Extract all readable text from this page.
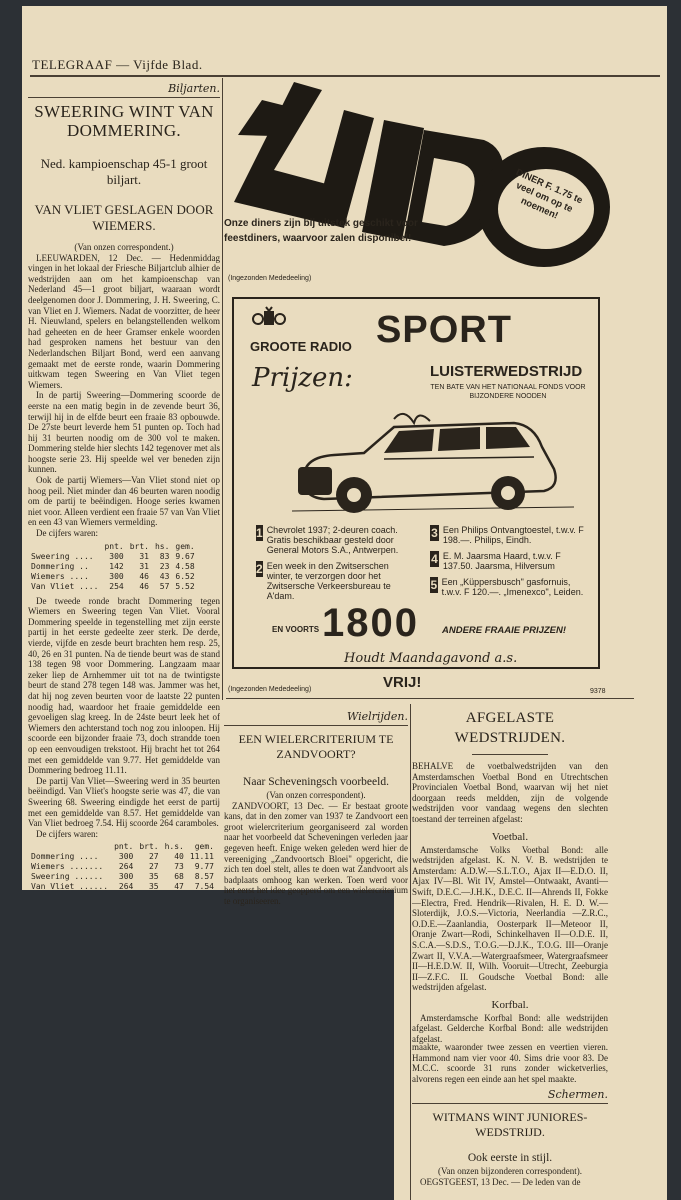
TELEGRAAF — Vijfde Blad.
Biljarten.
SWEERING WINT VAN DOMMERING.
Ned. kampioenschap 45-1 groot biljart.
VAN VLIET GESLAGEN DOOR WIEMERS.
(Van onzen correspondent.)
LEEUWARDEN, 12 Dec. — Hedenmiddag vingen in het lokaal der Friesche Biljartclub alhier de wedstrijden aan om het kampioenschap van Nederland 45—1 groot biljart, waaraan wordt deelgenomen door J. Dommering, J. H. Sweering, C. van Vliet en J. Wiemers. Nadat de voorzitter, de heer H. Nieuwland, spelers en belangstellenden welkom had geheeten en de heer Gramser enkele woorden had gesproken namens het bestuur van den Nederlandschen Biljart Bond, werd een aanvang gemaakt met de eerste ronde, waarin Dommering uitkwam tegen Sweering en Van Vliet tegen Wiemers.
In de partij Sweering—Dommering scoorde de eerste na een matig begin in de zevende beurt 36, terwijl hij in de elfde beurt een fraaie 83 opbouwde. De 27ste beurt leverde hem 51 punten op. Toch had hij 31 beurten noodig om de 300 vol te maken. Dommering stelde hier slechts 142 tegenover met als hoogste serie 23. Hij speelde wel ver beneden zijn kunnen.
Ook de partij Wiemers—Van Vliet stond niet op hoog peil. Niet minder dan 46 beurten waren noodig om de partij te beëindigen. Hooge series kwamen niet voor. Alleen verdient een fraaie 57 van Van Vliet en een 43 van Wiemers vermelding.
De cijfers waren:
	pnt.	brt.	hs.	gem.
Sweering ....	300	31	83	9.67
Dommering ..	142	31	23	4.58
Wiemers ....	300	46	43	6.52
Van Vliet ....	254	46	57	5.52
De tweede ronde bracht Dommering tegen Wiemers en Sweering tegen Van Vliet. Vooral Dommering speelde in tegenstelling met zijn eerste partij in het eerste gedeelte zeer sterk. De derde, vierde, vijfde en zesde beurt brachten hem resp. 25, 40, 26 en 31 punten. Na de tiende beurt was de stand 138 tegen 98 voor Dommering. Langzaam maar zeker liep de Arnhemmer uit tot na de twintigste beurt de stand 278 tegen 148 was. Jammer was het, dat hij nog zeven beurten voor de laatste 22 punten noodig had, waardoor het fraaie gemiddelde een gevoeligen slag kreeg. In de 24ste beurt leek het of Wiemers den achterstand toch nog zou inloopen. Hij scoorde een bijzonder fraaie 73, doch strandde toen op een eenvoudigen trekstoot. Hij bracht het tot 264 met een gemiddelde van 9.77. Het gemiddelde van Dommering bedroeg 11.11.
De partij Van Vliet—Sweering werd in 35 beurten beëindigd. Van Vliet's hoogste serie was 47, die van Sweering 68. Sweering eindigde het eerst de partij met een gemiddelde van 8.57. Het gemiddelde van Van Vliet bedroeg 7.54. Hij scoorde 264 caramboles.
De cijfers waren:
	pnt.	brt.	h.s.	gem.
Dommering ....	300	27	40	11.11
Wiemers .......	264	27	73	9.77
Sweering ......	300	35	68	8.57
Van Vliet ......	264	35	47	7.54
DINER F. 1.75 te veel om op te noemen!
Onze diners zijn bij uitstek geschikt voor feestdiners, waarvoor zalen disponibel!
(Ingezonden Mededeeling)
GROOTE RADIO SPORT
Prijzen:	LUISTERWEDSTRIJD
TEN BATE VAN HET NATIONAAL FONDS VOOR BIJZONDERE NOODEN
1 Chevrolet 1937; 2-deuren coach. Gratis beschikbaar gesteld door General Motors S.A., Antwerpen.
2 Een week in den Zwitserschen winter, te verzorgen door het Zwitsersche Verkeersbureau te A'dam.
3 Een Philips Ontvangtoestel, t.w.v. F 198.—. Philips, Eindh.
4 E. M. Jaarsma Haard, t.w.v. F 137.50. Jaarsma, Hilversum
5 Een „Küppersbusch" gasfornuis, t.w.v. F 120.—. „Imenexco", Leiden.
EN VOORTS 1800 ANDERE FRAAIE PRIJZEN!
Houdt Maandagavond a.s.
VRIJ!
(Ingezonden Mededeeling)	9378
Wielrijden.
EEN WIELERCRITERIUM TE ZANDVOORT?
Naar Scheveningsch voorbeeld.
(Van onzen correspondent).
ZANDVOORT, 13 Dec. — Er bestaat groote kans, dat in den zomer van 1937 te Zandvoort een groot wielercriterium georganiseerd zal worden naar het voorbeeld dat Scheveningen verleden jaar gegeven heeft. Enige weken geleden werd hier de vereeniging „Zandvoortsch Bloei" opgericht, die zich ten doel stelt, alles te doen wat Zandvoort als badplaats omhoog kan werken. Toen werd voor het eerst het idee geopperd om een wielercriterium te organiseeren.
AFGELASTE WEDSTRIJDEN.
BEHALVE de voetbalwedstrijden van den Amsterdamschen Voetbal Bond en Utrechtschen Provincialen Voetbal Bond, waarvan wij het niet doorgaan reeds meldden, zijn de volgende wedstrijden voor vandaag wegens den slechten toestand der terreinen afgelast:
Voetbal.
Amsterdamsche Volks Voetbal Bond: alle wedstrijden afgelast. K. N. V. B. wedstrijden te Amsterdam: A.D.W.—S.L.T.O., Ajax II—E.D.O. II, Ajax IV—Bl. Wit IV, Amstel—Ontwaakt, Avanti—Swift, D.E.C.—J.H.K., D.E.C. II—Ahrends II, Fokke—Electra, Fred. Hendrik—Rivalen, H. E. D. W.—Sloterdijk, J.O.S.—Victoria, Neerlandia —Z.R.C., O.D.E.—Zaanlandia, Oosterpark II—Meteoor II, Oranje Zwart—Rodi, Schinkelhaven II—O.D.E. II, S.C.A.—S.D.S., T.O.G.—D.J.K., T.O.G. III—Oranje Zwart II, V.V.A.—Watergraafsmeer, Watergraafsmeer II—H.E.D.W. II, Wilh. Vooruit—Utrecht, Zeeburgia II—Z.F.C. II. Goudsche Voetbal Bond: alle wedstrijden afgelast.
Korfbal.
Amsterdamsche Korfbal Bond: alle wedstrijden afgelast. Gelderche Korfbal Bond: alle wedstrijden afgelast.
maakte, waaronder twee zessen en veertien vieren. Hammond nam vier voor 40. Sims drie voor 83. De M.C.C. scoorde 31 runs zonder wicketverlies, alvorens regen een einde aan het spel maakte.
Schermen.
WITMANS WINT JUNIORES-WEDSTRIJD.
Ook eerste in stijl.
(Van onzen bijzonderen correspondent).
OEGSTGEEST, 13 Dec. — De leden van de
